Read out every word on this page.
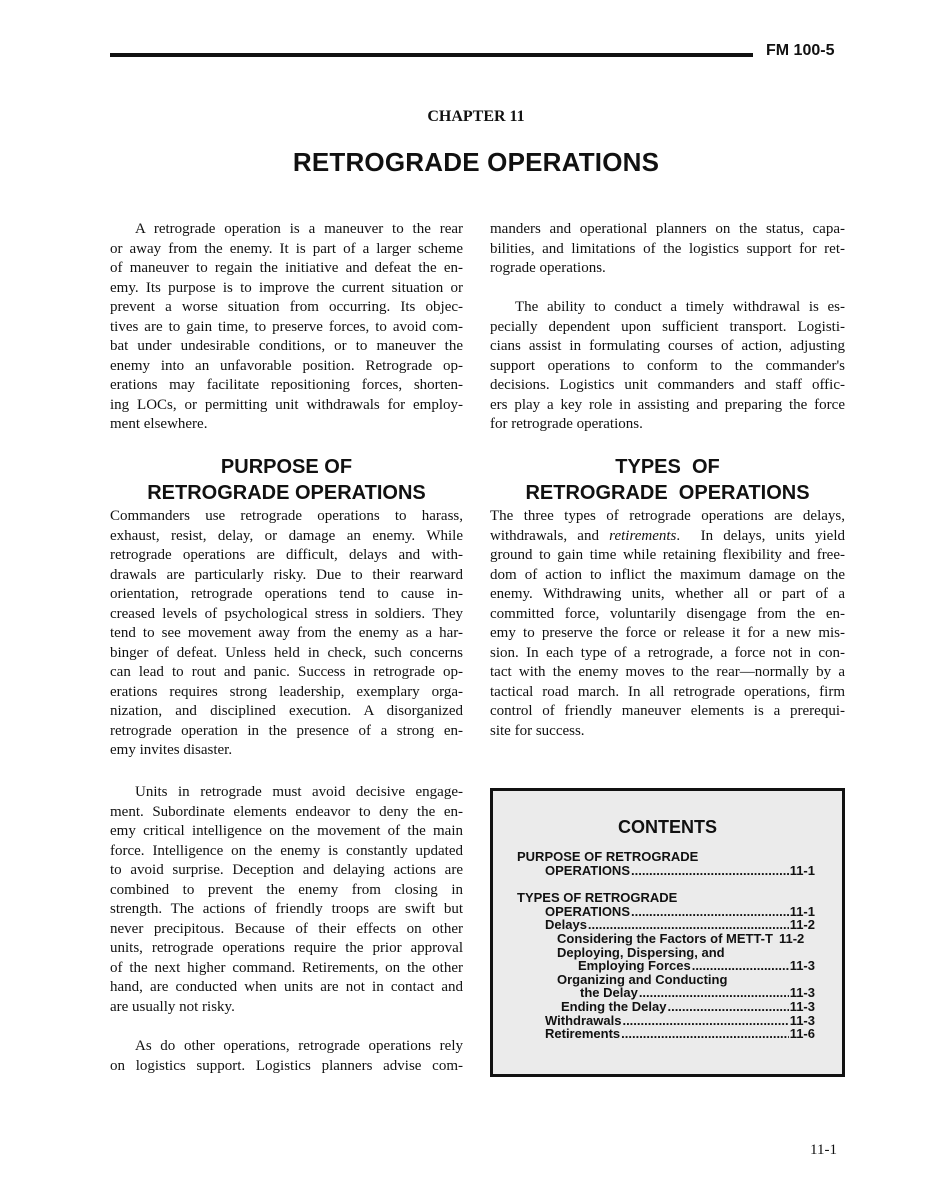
FM 100-5
CHAPTER 11
RETROGRADE OPERATIONS
A retrograde operation is a maneuver to the rear
or away from the enemy. It is part of a larger scheme
of maneuver to regain the initiative and defeat the en-
emy. Its purpose is to improve the current situation or
prevent a worse situation from occurring. Its objec-
tives are to gain time, to preserve forces, to avoid com-
bat under undesirable conditions, or to maneuver the
enemy into an unfavorable position. Retrograde op-
erations may facilitate repositioning forces, shorten-
ing LOCs, or permitting unit withdrawals for employ-
ment elsewhere.
PURPOSE OF
RETROGRADE OPERATIONS
Commanders use retrograde operations to harass,
exhaust, resist, delay, or damage an enemy. While
retrograde operations are difficult, delays and with-
drawals are particularly risky. Due to their rearward
orientation, retrograde operations tend to cause in-
creased levels of psychological stress in soldiers. They
tend to see movement away from the enemy as a har-
binger of defeat. Unless held in check, such concerns
can lead to rout and panic. Success in retrograde op-
erations requires strong leadership, exemplary orga-
nization, and disciplined execution. A disorganized
retrograde operation in the presence of a strong en-
emy invites disaster.
Units in retrograde must avoid decisive engage-
ment. Subordinate elements endeavor to deny the en-
emy critical intelligence on the movement of the main
force. Intelligence on the enemy is constantly updated
to avoid surprise. Deception and delaying actions are
combined to prevent the enemy from closing in
strength. The actions of friendly troops are swift but
never precipitous. Because of their effects on other
units, retrograde operations require the prior approval
of the next higher command. Retirements, on the other
hand, are conducted when units are not in contact and
are usually not risky.
As do other operations, retrograde operations rely
on logistics support. Logistics planners advise com-
manders and operational planners on the status, capa-
bilities, and limitations of the logistics support for ret-
rograde operations.
The ability to conduct a timely withdrawal is es-
pecially dependent upon sufficient transport. Logisti-
cians assist in formulating courses of action, adjusting
support operations to conform to the commander's
decisions. Logistics unit commanders and staff offic-
ers play a key role in assisting and preparing the force
for retrograde operations.
TYPES  OF
RETROGRADE  OPERATIONS
The three types of retrograde operations are delays,
withdrawals, and retirements.  In delays, units yield
ground to gain time while retaining flexibility and free-
dom of action to inflict the maximum damage on the
enemy. Withdrawing units, whether all or part of a
committed force, voluntarily disengage from the en-
emy to preserve the force or release it for a new mis-
sion. In each type of a retrograde, a force not in con-
tact with the enemy moves to the rear—normally by a
tactical road march. In all retrograde operations, firm
control of friendly maneuver elements is a prerequi-
site for success.
CONTENTS
PURPOSE OF RETROGRADE
OPERATIONS .....	11-1
TYPES OF RETROGRADE
OPERATIONS .....	11-1
Delays .....	11-2
Considering the Factors of METT-T 11-2
Deploying, Dispersing, and
Employing Forces .....	11-3
Organizing and Conducting
the Delay .....	11-3
Ending the Delay .....	11-3
Withdrawals .....	11-3
Retirements .....	11-6
11-1
